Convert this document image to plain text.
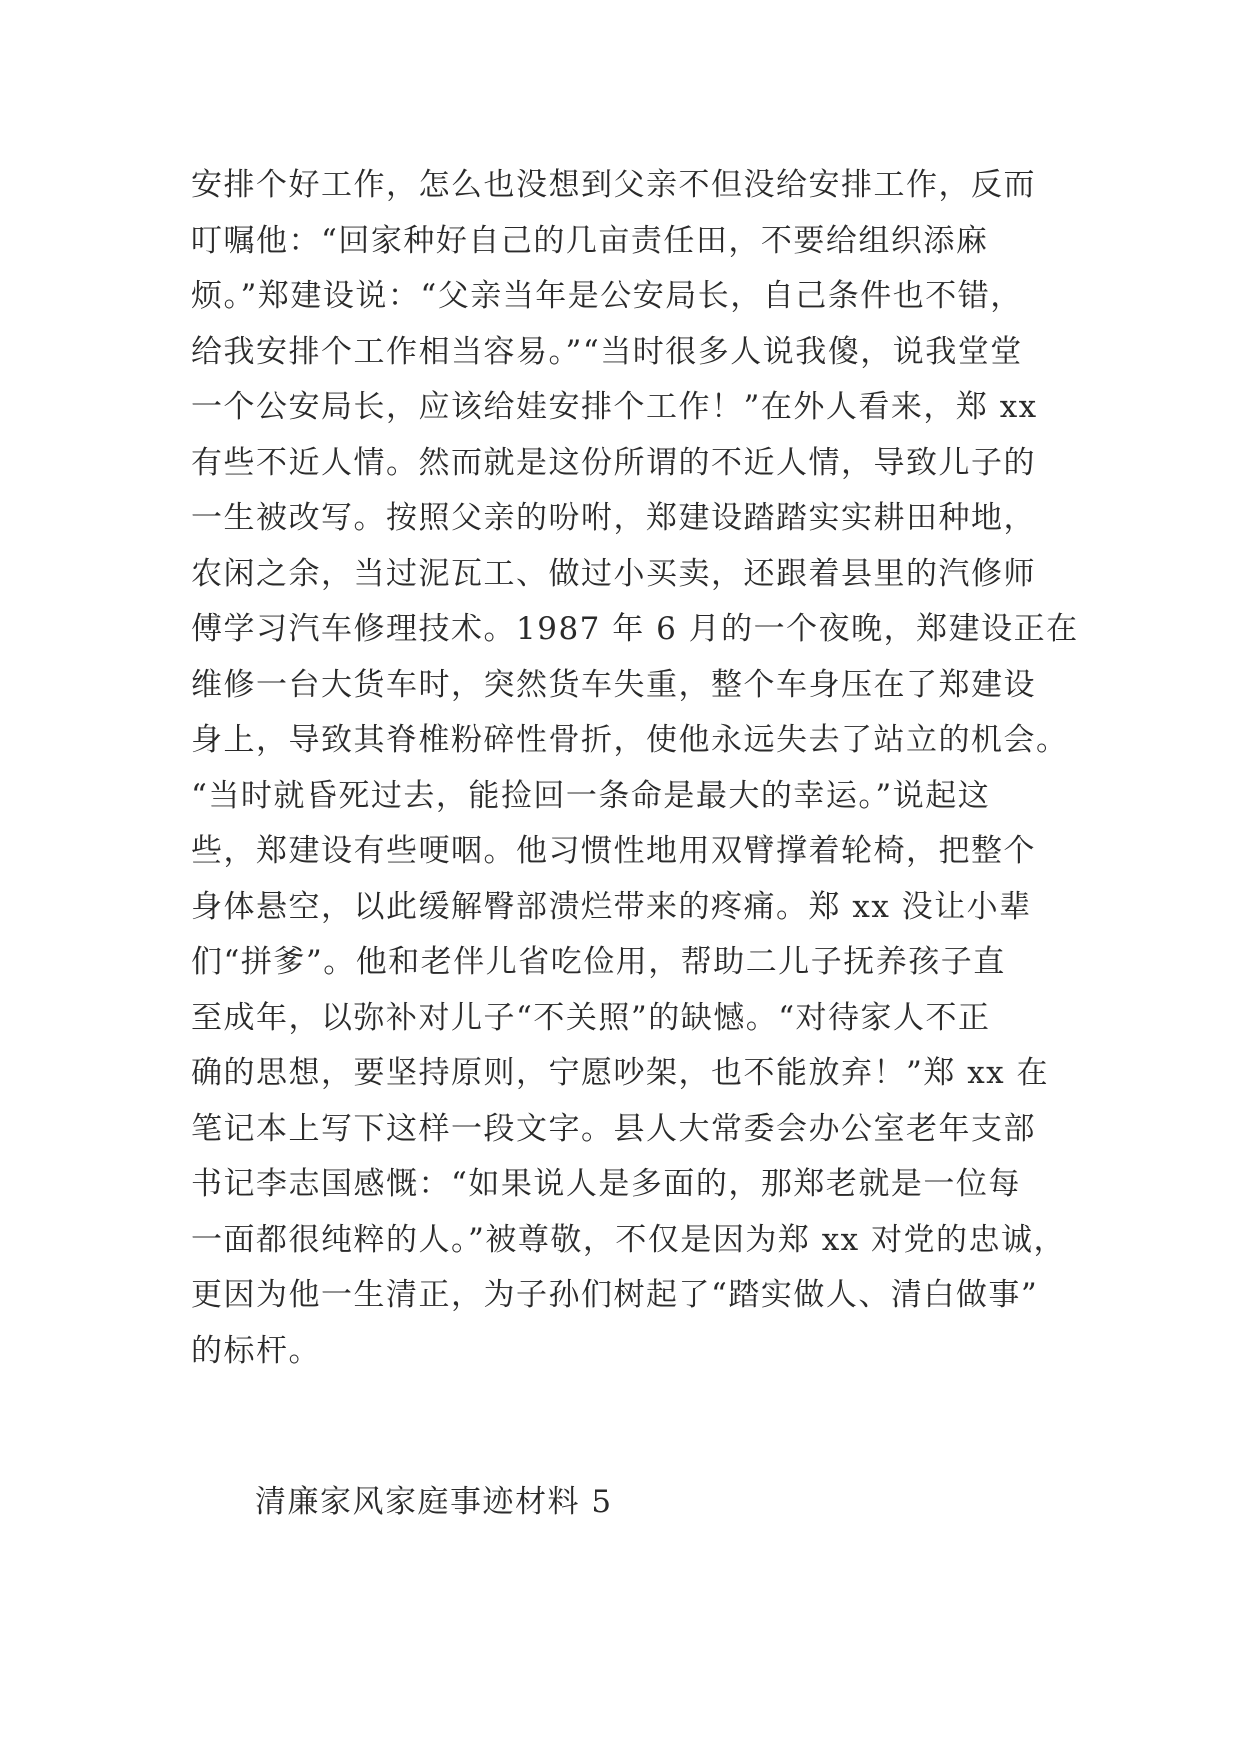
安排个好工作，怎么也没想到父亲不但没给安排工作，反而
叮嘱他：“回家种好自己的几亩责任田，不要给组织添麻
烦。”郑建设说：“父亲当年是公安局长，自己条件也不错，
给我安排个工作相当容易。”“当时很多人说我傻，说我堂堂
一个公安局长，应该给娃安排个工作！”在外人看来，郑 xx
有些不近人情。然而就是这份所谓的不近人情，导致儿子的
一生被改写。按照父亲的吩咐，郑建设踏踏实实耕田种地，
农闲之余，当过泥瓦工、做过小买卖，还跟着县里的汽修师
傅学习汽车修理技术。1987 年 6 月的一个夜晚，郑建设正在
维修一台大货车时，突然货车失重，整个车身压在了郑建设
身上，导致其脊椎粉碎性骨折，使他永远失去了站立的机会。
“当时就昏死过去，能捡回一条命是最大的幸运。”说起这
些，郑建设有些哽咽。他习惯性地用双臂撑着轮椅，把整个
身体悬空，以此缓解臀部溃烂带来的疼痛。郑 xx 没让小辈
们“拼爹”。他和老伴儿省吃俭用，帮助二儿子抚养孩子直
至成年，以弥补对儿子“不关照”的缺憾。“对待家人不正
确的思想，要坚持原则，宁愿吵架，也不能放弃！”郑 xx 在
笔记本上写下这样一段文字。县人大常委会办公室老年支部
书记李志国感慨：“如果说人是多面的，那郑老就是一位每
一面都很纯粹的人。”被尊敬，不仅是因为郑 xx 对党的忠诚，
更因为他一生清正，为子孙们树起了“踏实做人、清白做事”
的标杆。

清廉家风家庭事迹材料 5
